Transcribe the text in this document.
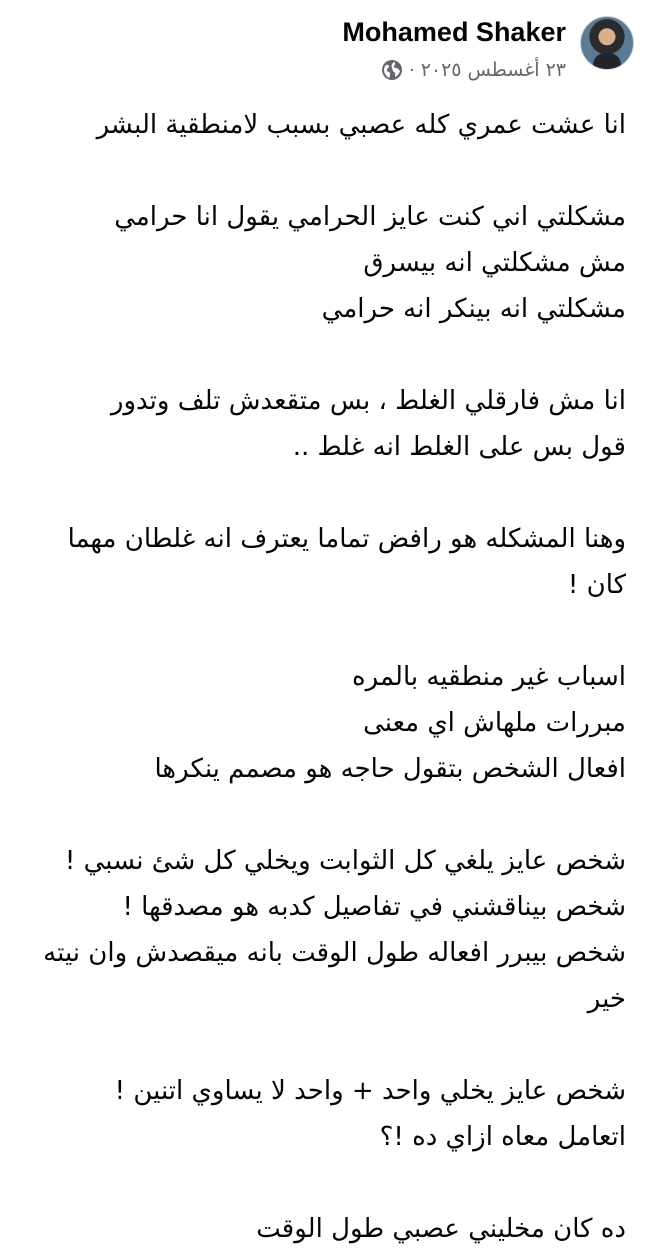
Mohamed Shaker
٢٣ أغسطس ٢٠٢٥
·
انا عشت عمري كله عصبي بسبب لامنطقية البشر
مشكلتي اني كنت عايز الحرامي يقول انا حرامي
مش مشكلتي انه بيسرق
مشكلتي انه بينكر انه حرامي
انا مش فارقلي الغلط ، بس متقعدش تلف وتدور
قول بس على الغلط انه غلط ..
وهنا المشكله هو رافض تماما يعترف انه غلطان مهما
كان !
اسباب غير منطقيه بالمره
مبررات ملهاش اي معنى
افعال الشخص بتقول حاجه هو مصمم ينكرها
شخص عايز يلغي كل الثوابت ويخلي كل شئ نسبي !
شخص بيناقشني في تفاصيل كدبه هو مصدقها !
شخص بيبرر افعاله طول الوقت بانه ميقصدش وان نيته
خير
شخص عايز يخلي واحد + واحد لا يساوي اتنين !
اتعامل معاه ازاي ده !؟
ده كان مخليني عصبي طول الوقت
